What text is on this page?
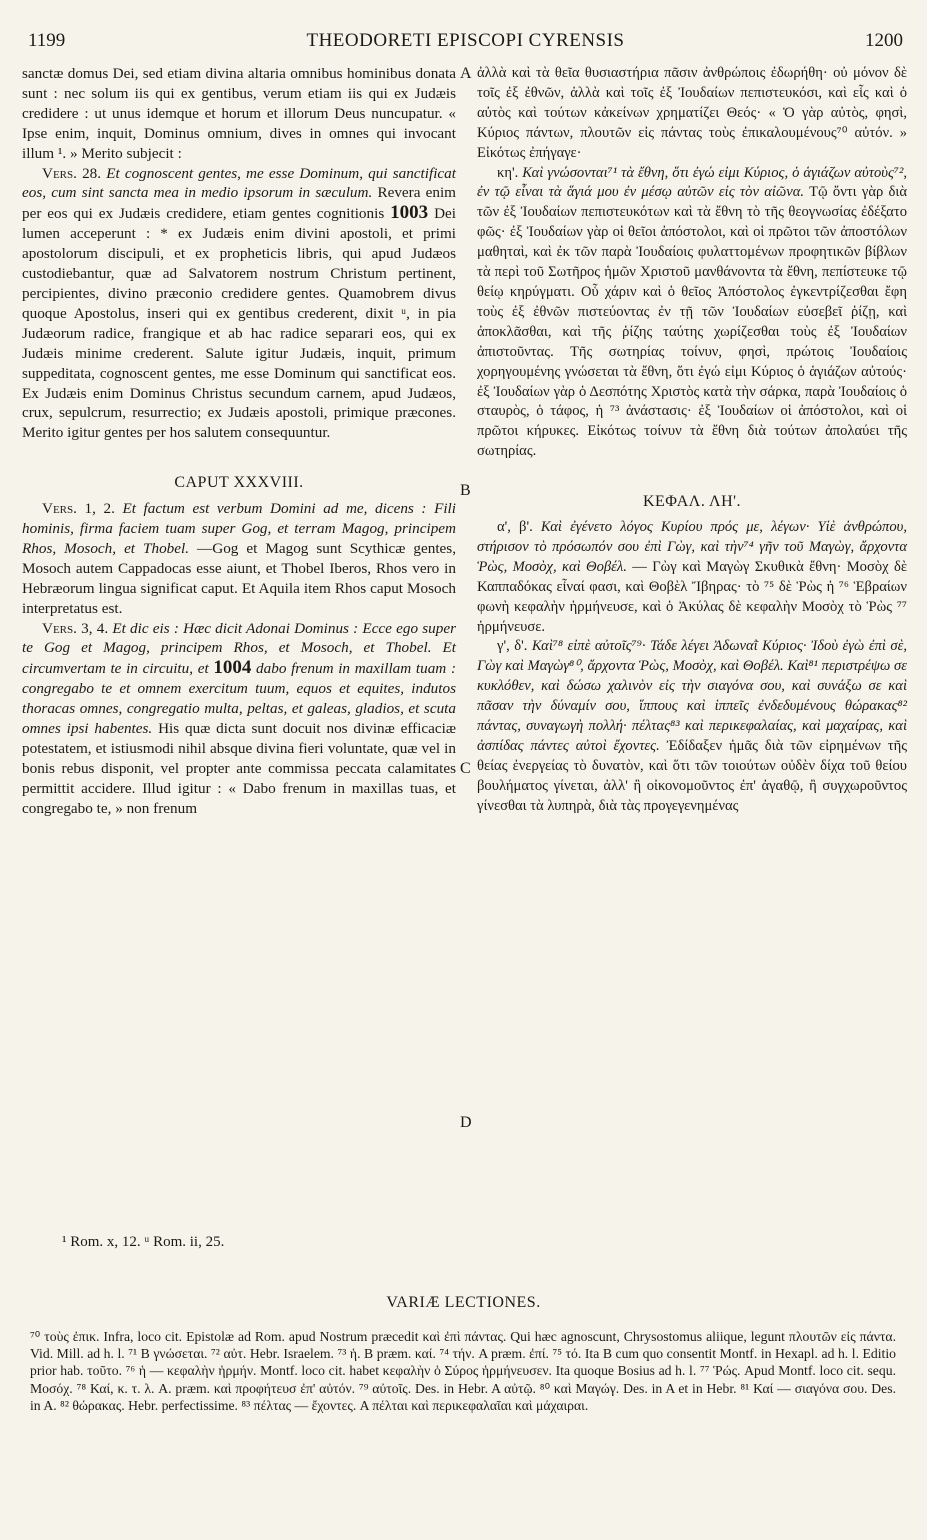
1199	THEODORETI EPISCOPI CYRENSIS	1200

sanctæ domus Dei, sed etiam divina altaria omnibus hominibus donata sunt : nec solum iis qui ex gentibus, verum etiam iis qui ex Judæis credidere : ut unus idemque et horum et illorum Deus nuncupatur. « Ipse enim, inquit, Dominus omnium, dives in omnes qui invocant illum ¹. » Merito subjecit :

Vers. 28. Et cognoscent gentes, me esse Dominum, qui sanctificat eos, cum sint sancta mea in medio ipsorum in sæculum. Revera enim per eos qui ex Judæis credidere, etiam gentes cognitionis 1003 Dei lumen acceperunt : * ex Judæis enim divini apostoli, et primi apostolorum discipuli, et ex propheticis libris, qui apud Judæos custodiebantur, quæ ad Salvatorem nostrum Christum pertinent, percipientes, divino præconio credidere gentes. Quamobrem divus quoque Apostolus, inseri qui ex gentibus crederent, dixit ᵘ, in pia Judæorum radice, frangique et ab hac radice separari eos, qui ex Judæis minime crederent. Salute igitur Judæis, inquit, primum suppeditata, cognoscent gentes, me esse Dominum qui sanctificat eos. Ex Judæis enim Dominus Christus secundum carnem, apud Judæos, crux, sepulcrum, resurrectio; ex Judæis apostoli, primique præcones. Merito igitur gentes per hos salutem consequuntur.

CAPUT XXXVIII.

Vers. 1, 2. Et factum est verbum Domini ad me, dicens : Fili hominis, firma faciem tuam super Gog, et terram Magog, principem Rhos, Mosoch, et Thobel. —Gog et Magog sunt Scythicæ gentes, Mosoch autem Cappadocas esse aiunt, et Thobel Iberos, Rhos vero in Hebræorum lingua significat caput. Et Aquila item Rhos caput Mosoch interpretatus est.

Vers. 3, 4. Et dic eis : Hæc dicit Adonai Dominus : Ecce ego super te Gog et Magog, principem Rhos, et Mosoch, et Thobel. Et circumvertam te in circuitu, et 1004 dabo frenum in maxillam tuam : congregabo te et omnem exercitum tuum, equos et equites, indutos thoracas omnes, congregatio multa, peltas, et galeas, gladios, et scuta omnes ipsi habentes. His quæ dicta sunt docuit nos divinæ efficaciæ potestatem, et istiusmodi nihil absque divina fieri voluntate, quæ vel in bonis rebus disponit, vel propter ante commissa peccata calamitates permittit accidere. Illud igitur : « Dabo frenum in maxillas tuas, et congregabo te, » non frenum

A
B
C
D

ἀλλὰ καὶ τὰ θεῖα θυσιαστήρια πᾶσιν ἀνθρώποις ἐδωρήθη· οὐ μόνον δὲ τοῖς ἐξ ἐθνῶν, ἀλλὰ καὶ τοῖς ἐξ Ἰουδαίων πεπιστευκόσι, καὶ εἷς καὶ ὁ αὐτὸς καὶ τούτων κἀκείνων χρηματίζει Θεός· « Ὁ γὰρ αὐτὸς, φησὶ, Κύριος πάντων, πλουτῶν εἰς πάντας τοὺς ἐπικαλουμένους⁷⁰ αὐτόν. » Εἰκότως ἐπήγαγε·

κη'. Καὶ γνώσονται⁷¹ τὰ ἔθνη, ὅτι ἐγώ εἰμι Κύριος, ὁ ἁγιάζων αὐτοὺς⁷², ἐν τῷ εἶναι τὰ ἅγιά μου ἐν μέσῳ αὐτῶν εἰς τὸν αἰῶνα. Τῷ ὄντι γὰρ διὰ τῶν ἐξ Ἰουδαίων πεπιστευκότων καὶ τὰ ἔθνη τὸ τῆς θεογνωσίας ἐδέξατο φῶς· ἐξ Ἰουδαίων γὰρ οἱ θεῖοι ἀπόστολοι, καὶ οἱ πρῶτοι τῶν ἀποστόλων μαθηταὶ, καὶ ἐκ τῶν παρὰ Ἰουδαίοις φυλαττομένων προφητικῶν βίβλων τὰ περὶ τοῦ Σωτῆρος ἡμῶν Χριστοῦ μανθάνοντα τὰ ἔθνη, πεπίστευκε τῷ θείῳ κηρύγματι. Οὗ χάριν καὶ ὁ θεῖος Ἀπόστολος ἐγκεντρίζεσθαι ἔφη τοὺς ἐξ ἐθνῶν πιστεύοντας ἐν τῇ τῶν Ἰουδαίων εὐσεβεῖ ῥίζῃ, καὶ ἀποκλᾶσθαι, καὶ τῆς ῥίζης ταύτης χωρίζεσθαι τοὺς ἐξ Ἰουδαίων ἀπιστοῦντας. Τῆς σωτηρίας τοίνυν, φησὶ, πρώτοις Ἰουδαίοις χορηγουμένης γνώσεται τὰ ἔθνη, ὅτι ἐγώ εἰμι Κύριος ὁ ἁγιάζων αὐτούς· ἐξ Ἰουδαίων γὰρ ὁ Δεσπότης Χριστὸς κατὰ τὴν σάρκα, παρὰ Ἰουδαίοις ὁ σταυρὸς, ὁ τάφος, ἡ ⁷³ ἀνάστασις· ἐξ Ἰουδαίων οἱ ἀπόστολοι, καὶ οἱ πρῶτοι κήρυκες. Εἰκότως τοίνυν τὰ ἔθνη διὰ τούτων ἀπολαύει τῆς σωτηρίας.

ΚΕΦΑΛ. ΛΗ'.

α', β'. Καὶ ἐγένετο λόγος Κυρίου πρός με, λέγων· Υἱὲ ἀνθρώπου, στήρισον τὸ πρόσωπόν σου ἐπὶ Γὼγ, καὶ τὴν⁷⁴ γῆν τοῦ Μαγὼγ, ἄρχοντα Ῥὼς, Μοσὸχ, καὶ Θοβέλ. — Γὼγ καὶ Μαγὼγ Σκυθικὰ ἔθνη· Μοσὸχ δὲ Καππαδόκας εἶναί φασι, καὶ Θοβὲλ Ἴβηρας· τὸ ⁷⁵ δὲ Ῥὼς ἡ ⁷⁶ Ἑβραίων φωνὴ κεφαλὴν ἡρμήνευσε, καὶ ὁ Ἀκύλας δὲ κεφαλὴν Μοσὸχ τὸ Ῥὼς ⁷⁷ ἡρμήνευσε.

γ', δ'. Καὶ⁷⁸ εἰπὲ αὐτοῖς⁷⁹· Τάδε λέγει Ἀδωναῒ Κύριος· Ἰδοὺ ἐγὼ ἐπὶ σὲ, Γὼγ καὶ Μαγὼγ⁸⁰, ἄρχοντα Ῥὼς, Μοσὸχ, καὶ Θοβέλ. Καὶ⁸¹ περιστρέψω σε κυκλόθεν, καὶ δώσω χαλινὸν εἰς τὴν σιαγόνα σου, καὶ συνάξω σε καὶ πᾶσαν τὴν δύναμίν σου, ἵππους καὶ ἱππεῖς ἐνδεδυμένους θώρακας⁸² πάντας, συναγωγὴ πολλή· πέλτας⁸³ καὶ περικεφαλαίας, καὶ μαχαίρας, καὶ ἀσπίδας πάντες αὐτοὶ ἔχοντες. Ἐδίδαξεν ἡμᾶς διὰ τῶν εἰρημένων τῆς θείας ἐνεργείας τὸ δυνατὸν, καὶ ὅτι τῶν τοιούτων οὐδὲν δίχα τοῦ θείου βουλήματος γίνεται, ἀλλ' ἢ οἰκονομοῦντος ἐπ' ἀγαθῷ, ἢ συγχωροῦντος γίνεσθαι τὰ λυπηρὰ, διὰ τὰς προγεγενημένας

¹ Rom. x, 12. ᵘ Rom. ii, 25.
VARIÆ LECTIONES.
⁷⁰ τοὺς ἐπικ. Infra, loco cit. Epistolæ ad Rom. apud Nostrum præcedit καὶ ἐπὶ πάντας. Qui hæc agnoscunt, Chrysostomus aliique, legunt πλουτῶν εἰς πάντα. Vid. Mill. ad h. l. ⁷¹ B γνώσεται. ⁷² αὐτ. Hebr. Israelem. ⁷³ ἡ. B præm. καί. ⁷⁴ τήν. A præm. ἐπί. ⁷⁵ τό. Ita B cum quo consentit Montf. in Hexapl. ad h. l. Editio prior hab. τοῦτο. ⁷⁶ ἡ — κεφαλὴν ἡρμήν. Montf. loco cit. habet κεφαλὴν ὁ Σύρος ἡρμήνευσεν. Ita quoque Bosius ad h. l. ⁷⁷ Ῥώς. Apud Montf. loco cit. sequ. Μοσόχ. ⁷⁸ Καί, κ. τ. λ. A. præm. καὶ προφήτευσ ἐπ' αὐτόν. ⁷⁹ αὐτοῖς. Des. in Hebr. A αὐτῷ. ⁸⁰ καὶ Μαγώγ. Des. in A et in Hebr. ⁸¹ Καί — σιαγόνα σου. Des. in A. ⁸² θώρακας. Hebr. perfectissime. ⁸³ πέλτας — ἔχοντες. A πέλται καὶ περικεφαλαῖαι καὶ μάχαιραι.
